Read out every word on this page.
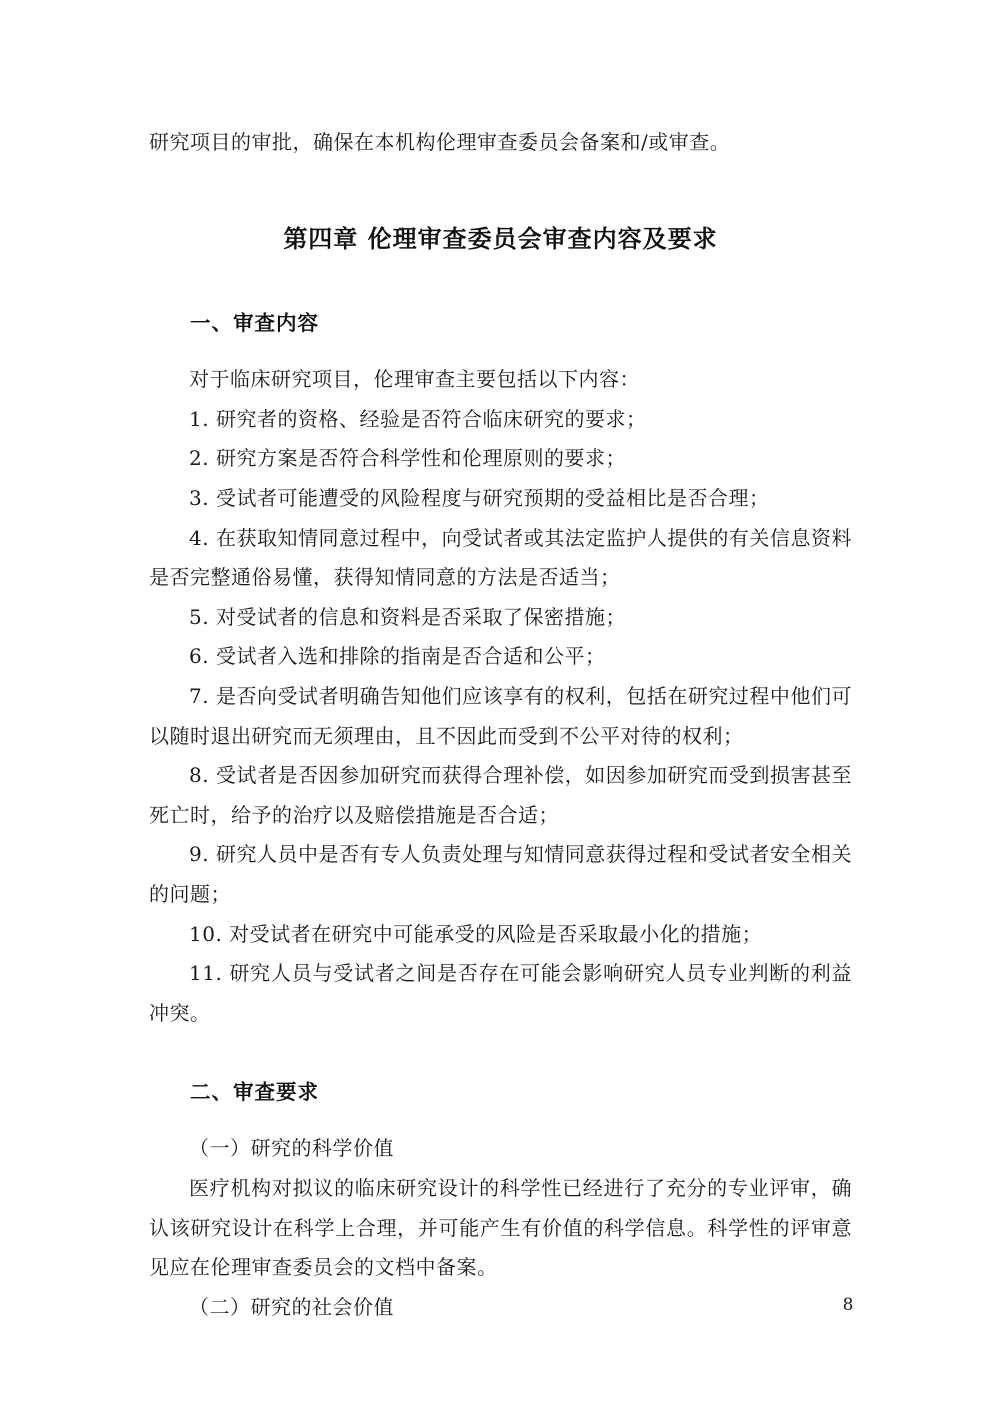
研究项目的审批，确保在本机构伦理审查委员会备案和/或审查。

第四章 伦理审查委员会审查内容及要求
一、审查内容

对于临床研究项目，伦理审查主要包括以下内容：

1. 研究者的资格、经验是否符合临床研究的要求；

2. 研究方案是否符合科学性和伦理原则的要求；

3. 受试者可能遭受的风险程度与研究预期的受益相比是否合理；

4. 在获取知情同意过程中，向受试者或其法定监护人提供的有关信息资料是否完整通俗易懂，获得知情同意的方法是否适当；

5. 对受试者的信息和资料是否采取了保密措施；

6. 受试者入选和排除的指南是否合适和公平；

7. 是否向受试者明确告知他们应该享有的权利，包括在研究过程中他们可以随时退出研究而无须理由，且不因此而受到不公平对待的权利；

8. 受试者是否因参加研究而获得合理补偿，如因参加研究而受到损害甚至死亡时，给予的治疗以及赔偿措施是否合适；

9. 研究人员中是否有专人负责处理与知情同意获得过程和受试者安全相关的问题；

10. 对受试者在研究中可能承受的风险是否采取最小化的措施；

11. 研究人员与受试者之间是否存在可能会影响研究人员专业判断的利益冲突。

二、审查要求

（一）研究的科学价值

医疗机构对拟议的临床研究设计的科学性已经进行了充分的专业评审，确认该研究设计在科学上合理，并可能产生有价值的科学信息。科学性的评审意见应在伦理审查委员会的文档中备案。

（二）研究的社会价值	8
